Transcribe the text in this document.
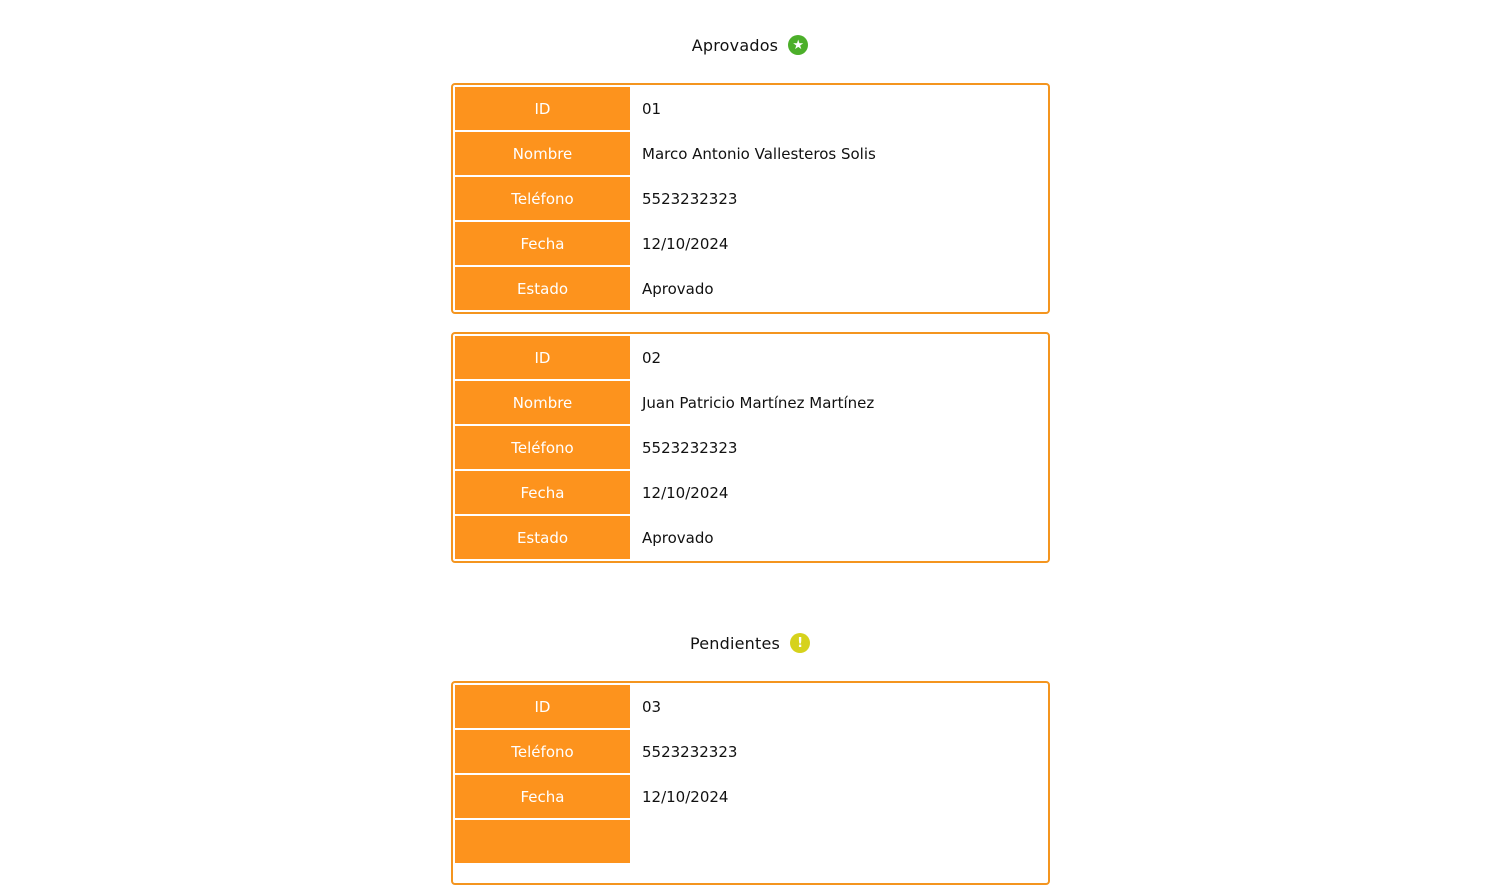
Aprovados	★
ID	01
Nombre	Marco Antonio Vallesteros Solis
Teléfono	5523232323
Fecha	12/10/2024
Estado	Aprovado
ID	02
Nombre	Juan Patricio Martínez Martínez
Teléfono	5523232323
Fecha	12/10/2024
Estado	Aprovado
Pendientes	!
ID	03
Teléfono	5523232323
Fecha	12/10/2024
